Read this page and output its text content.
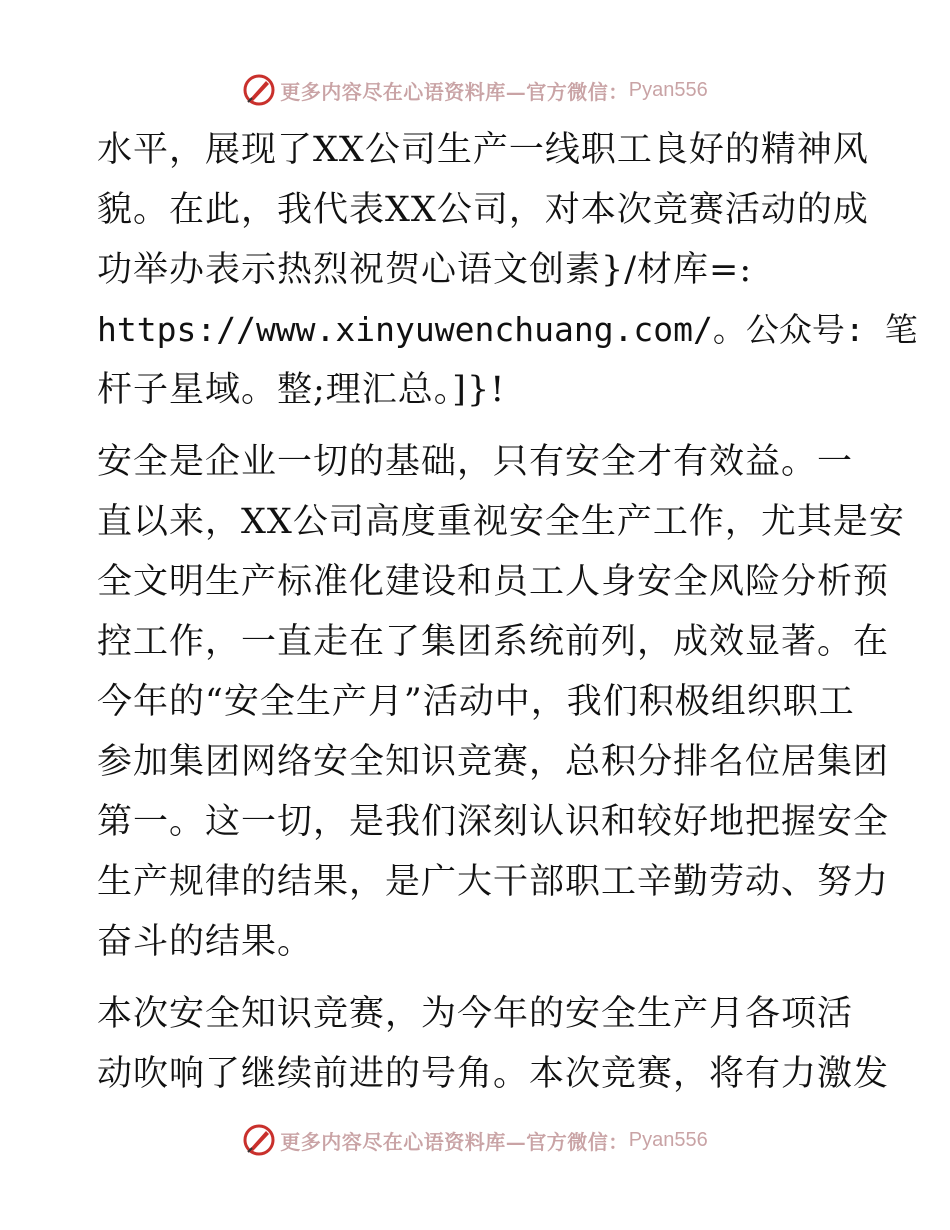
更多内容尽在心语资料库—官方微信： Pyan556
水平，展现了XX公司生产一线职工良好的精神风
貌。在此，我代表XX公司，对本次竞赛活动的成
功举办表示热烈祝贺心语文创素}/材库=:
https://www.xinyuwenchuang.com/。公众号: 笔
杆子星域。整;理汇总。]}!
安全是企业一切的基础，只有安全才有效益。一
直以来，XX公司高度重视安全生产工作，尤其是安
全文明生产标准化建设和员工人身安全风险分析预
控工作，一直走在了集团系统前列，成效显著。在
今年的“安全生产月”活动中，我们积极组织职工
参加集团网络安全知识竞赛，总积分排名位居集团
第一。这一切，是我们深刻认识和较好地把握安全
生产规律的结果，是广大干部职工辛勤劳动、努力
奋斗的结果。
本次安全知识竞赛，为今年的安全生产月各项活
动吹响了继续前进的号角。本次竞赛，将有力激发
更多内容尽在心语资料库—官方微信： Pyan556
